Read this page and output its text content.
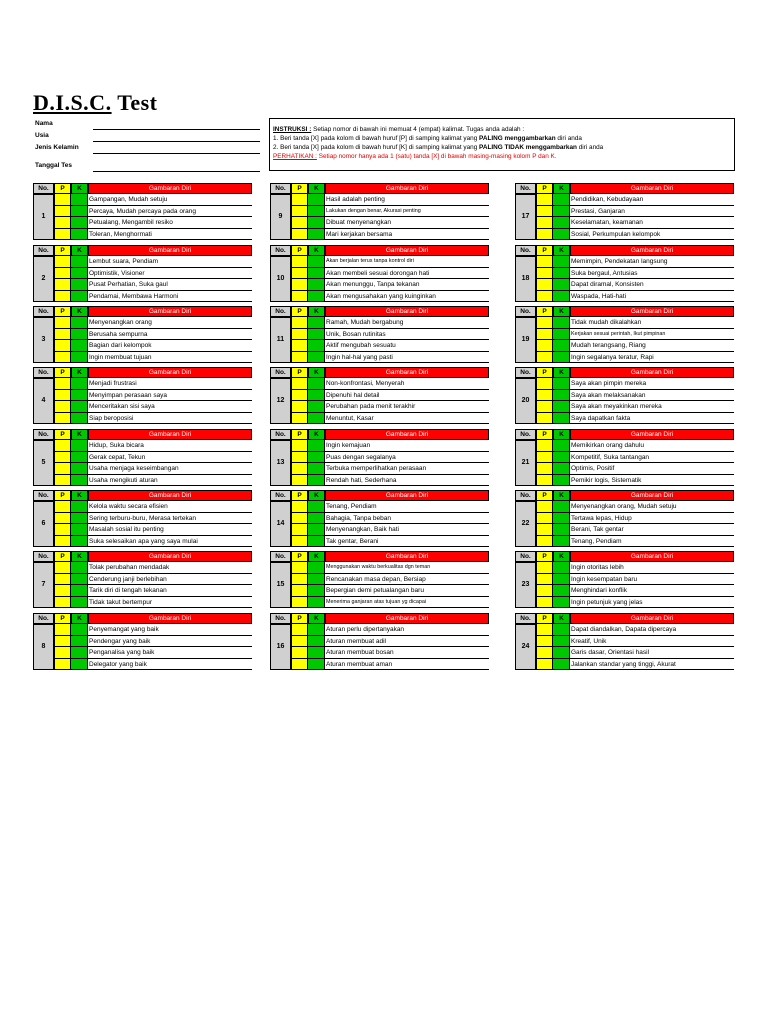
D.I.S.C. Test
Nama
Usia
Jenis Kelamin
Tanggal Tes
INSTRUKSI : Setiap nomor di bawah ini memuat 4 (empat) kalimat. Tugas anda adalah :
1. Beri tanda [X] pada kolom di bawah huruf [P] di samping kalimat yang PALING menggambarkan diri anda
2. Beri tanda [X] pada kolom di bawah huruf [K] di samping kalimat yang PALING TIDAK menggambarkan diri anda
PERHATIKAN : Setiap nomor hanya ada 1 (satu) tanda [X] di bawah masing-masing kolom P dan K.
No.	P	K	Gambaran Diri
1
Gampangan, Mudah setuju
Percaya, Mudah percaya pada orang
Petualang, Mengambil resiko
Toleran, Menghormati
No.	P	K	Gambaran Diri
2
Lembut suara, Pendiam
Optimistik, Visioner
Pusat Perhatian, Suka gaul
Pendamai, Membawa Harmoni
No.	P	K	Gambaran Diri
3
Menyenangkan orang
Berusaha sempurna
Bagian dari kelompok
Ingin membuat tujuan
No.	P	K	Gambaran Diri
4
Menjadi frustrasi
Menyimpan perasaan saya
Menceritakan sisi saya
Siap beroposisi
No.	P	K	Gambaran Diri
5
Hidup, Suka bicara
Gerak cepat, Tekun
Usaha menjaga keseimbangan
Usaha mengikuti aturan
No.	P	K	Gambaran Diri
6
Kelola waktu secara efisien
Sering terburu-buru, Merasa tertekan
Masalah sosial itu penting
Suka selesaikan apa yang saya mulai
No.	P	K	Gambaran Diri
7
Tolak perubahan mendadak
Cenderung janji berlebihan
Tarik diri di tengah tekanan
Tidak takut bertempur
No.	P	K	Gambaran Diri
8
Penyemangat yang baik
Pendengar yang baik
Penganalisa yang baik
Delegator yang baik
No.	P	K	Gambaran Diri
9
Hasil adalah penting
Lakukan dengan benar, Akurasi penting
Dibuat menyenangkan
Mari kerjakan bersama
No.	P	K	Gambaran Diri
10
Akan berjalan terus tanpa kontrol diri
Akan membeli sesuai dorongan hati
Akan menunggu, Tanpa tekanan
Akan mengusahakan yang kuinginkan
No.	P	K	Gambaran Diri
11
Ramah, Mudah bergabung
Unik, Bosan rutinitas
Aktif mengubah sesuatu
Ingin hal-hal yang pasti
No.	P	K	Gambaran Diri
12
Non-konfrontasi, Menyerah
Dipenuhi hal detail
Perubahan pada menit terakhir
Menuntut, Kasar
No.	P	K	Gambaran Diri
13
Ingin kemajuan
Puas dengan segalanya
Terbuka memperlihatkan perasaan
Rendah hati, Sederhana
No.	P	K	Gambaran Diri
14
Tenang, Pendiam
Bahagia, Tanpa beban
Menyenangkan, Baik hati
Tak gentar, Berani
No.	P	K	Gambaran Diri
15
Menggunakan waktu berkualitas dgn teman
Rencanakan masa depan, Bersiap
Bepergian demi petualangan baru
Menerima ganjaran atas tujuan yg dicapai
No.	P	K	Gambaran Diri
16
Aturan perlu dipertanyakan
Aturan membuat adil
Aturan membuat bosan
Aturan membuat aman
No.	P	K	Gambaran Diri
17
Pendidikan, Kebudayaan
Prestasi, Ganjaran
Keselamatan, keamanan
Sosial, Perkumpulan kelompok
No.	P	K	Gambaran Diri
18
Memimpin, Pendekatan langsung
Suka bergaul, Antusias
Dapat diramal, Konsisten
Waspada, Hati-hati
No.	P	K	Gambaran Diri
19
Tidak mudah dikalahkan
Kerjakan sesuai perintah, Ikut pimpinan
Mudah terangsang, Riang
Ingin segalanya teratur, Rapi
No.	P	K	Gambaran Diri
20
Saya akan pimpin mereka
Saya akan melaksanakan
Saya akan meyakinkan mereka
Saya dapatkan fakta
No.	P	K	Gambaran Diri
21
Memikirkan orang dahulu
Kompetitif, Suka tantangan
Optimis, Positif
Pemikir logis, Sistematik
No.	P	K	Gambaran Diri
22
Menyenangkan orang, Mudah setuju
Tertawa lepas, Hidup
Berani, Tak gentar
Tenang, Pendiam
No.	P	K	Gambaran Diri
23
Ingin otoritas lebih
Ingin kesempatan baru
Menghindari konflik
Ingin petunjuk yang jelas
No.	P	K	Gambaran Diri
24
Dapat diandalkan, Dapata dipercaya
Kreatif, Unik
Garis dasar, Orientasi hasil
Jalankan standar yang tinggi, Akurat
